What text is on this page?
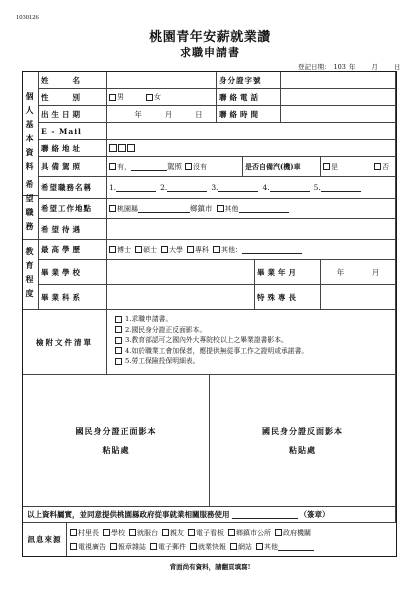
1030126
桃園青年安薪就業讚
求職申請書
登記日期： 103 年 月 日
個人基本資料
姓　　名	身分證字號
性　　別	男	女	聯絡電話
出生日期	年	月	日 聯絡時間
E - Mail
聯絡地址
具備駕照	有，	駕照 沒有	是否自備汽(機)車	是	否
希望職務 希望職務名稱	1.	2.	3.	4.	5.
希望工作地點	桃園縣	鄉鎮市 其他
希望待遇
教育程度 最高學歷	博士 碩士 大學 專科 其他：
畢業學校	畢業年月	年	月
畢業科系	特殊專長
檢附文件清單
1.求職申請書。
2.國民身分證正反面影本。
3.教育部認可之國內外大專院校以上之畢業證書影本。
4.如於職業工會加保者，應提供無從事工作之證明或承諾書。
5.勞工保險投保明細表。
國民身分證正面影本
粘貼處
國民身分證反面影本
粘貼處
以上資料屬實，並同意提供桃園縣政府從事就業相關服務使用	（簽章）
訊息來源
村里長 學校 就服台 親友 電子看板 鄉鎮市公所 政府機關
電視廣告 報章雜誌 電子郵件 就業快報 網站 其他
背面尚有資料，請翻頁填寫!
